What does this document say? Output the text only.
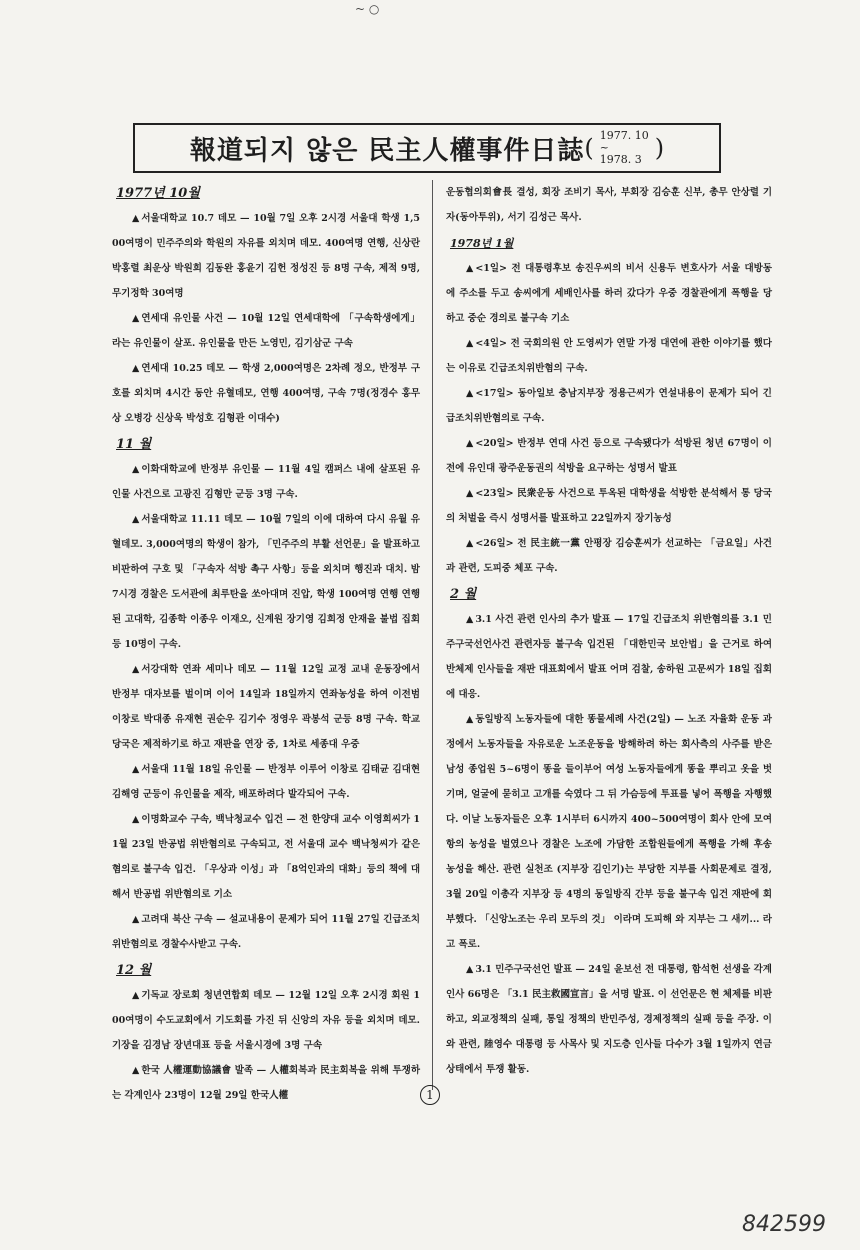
~ ○
報道되지 않은 民主人權事件日誌 ( 1977. 10
~
1978. 3 )
1977년 10월

▲ 서울대학교 10.7 데모 — 10월 7일 오후 2시경 서울대 학생 1,500여명이 민주주의와 학원의 자유를 외치며 데모. 400여명 연행, 신상란 박홍렬 최운상 박원희 김동완 홍윤기 김헌 정성진 등 8명 구속, 제적 9명, 무기정학 30여명

▲ 연세대 유인물 사건 — 10월 12일 연세대학에 「구속학생에게」라는 유인물이 살포. 유인물을 만든 노영민, 김기삼군 구속

▲ 연세대 10.25 데모 — 학생 2,000여명은 2차례 정오, 반정부 구호를 외치며 4시간 동안 유혈데모, 연행 400여명, 구속 7명(정경수 홍무상 오병강 신상욱 박성호 김형관 이대수)

11 월

▲ 이화대학교에 반정부 유인물 — 11월 4일 캠퍼스 내에 살포된 유인물 사건으로 고광진 김형만 군등 3명 구속.

▲ 서울대학교 11.11 데모 — 10월 7일의 이에 대하여 다시 유월 유혈데모. 3,000여명의 학생이 참가, 「민주주의 부활 선언문」을 발표하고 비판하여 구호 및 「구속자 석방 촉구 사항」등을 외치며 행진과 대치. 밤 7시경 경찰은 도서관에 최루탄을 쏘아대며 진압, 학생 100여명 연행 연행된 고대학, 김종학 이종우 이재오, 신계원 장기영 김희정 안재을 불법 집회 등 10명이 구속.

▲ 서강대학 연좌 세미나 데모 — 11월 12일 교정 교내 운동장에서 반정부 대자보를 벌이며 이어 14일과 18일까지 연좌농성을 하여 이전범 이창로 박대종 유재현 권순우 김기수 정영우 곽봉석 군등 8명 구속. 학교당국은 제적하기로 하고 재판을 연장 중, 1차로 세종대 우중

▲ 서울대 11월 18일 유인물 — 반정부 이루어 이창로 김태균 김대현 김해영 군등이 유인물을 제작, 배포하려다 발각되어 구속.

▲ 이명화교수 구속, 백낙청교수 입건 — 전 한양대 교수 이영희씨가 11월 23일 반공법 위반혐의로 구속되고, 전 서울대 교수 백낙청씨가 같은 혐의로 불구속 입건. 「우상과 이성」과 「8억인과의 대화」등의 책에 대해서 반공법 위반혐의로 기소

▲ 고려대 북산 구속 — 설교내용이 문제가 되어 11월 27일 긴급조치위반혐의로 경찰수사받고 구속.

12 월

▲ 기독교 장로회 청년연합회 데모 — 12월 12일 오후 2시경 회원 100여명이 수도교회에서 기도회를 가진 뒤 신앙의 자유 등을 외치며 데모. 기장을 김경남 장년대표 등을 서울시경에 3명 구속

▲ 한국 人權運動協議會 발족 — 人權회복과 民主회복을 위해 투쟁하는 각계인사 23명이 12월 29일 한국人權

운동협의회會長 결성, 회장 조비기 목사, 부회장 김승훈 신부, 총무 안상렬 기자(동아투위), 서기 김성근 목사.

1978년 1월

▲ <1일> 전 대통령후보 송진우씨의 비서 신용두 변호사가 서울 대방동에 주소를 두고 송씨에게 세배인사를 하러 갔다가 우중 경찰관에게 폭행을 당하고 중순 경의로 불구속 기소

▲ <4일> 전 국회의원 안 도영씨가 연말 가정 대연에 관한 이야기를 했다는 이유로 긴급조치위반혐의 구속.

▲ <17일> 동아일보 충남지부장 정용근씨가 연설내용이 문제가 되어 긴급조치위반혐의로 구속.

▲ <20일> 반정부 연대 사건 등으로 구속됐다가 석방된 청년 67명이 이전에 유인대 광주운동권의 석방을 요구하는 성명서 발표

▲ <23일> 民衆운동 사건으로 투옥된 대학생을 석방한 분석해서 통 당국의 처벌을 즉시 성명서를 발표하고 22일까지 장기농성

▲ <26일> 전 民主統一黨 안평장 김승훈씨가 선교하는 「금요일」사건과 관련, 도피중 체포 구속.

2 월

▲ 3.1 사건 관련 인사의 추가 발표 — 17일 긴급조치 위반혐의를 3.1 민주구국선언사건 관련자등 불구속 입건된 「대한민국 보안법」을 근거로 하여 반체제 인사들을 재판 대표회에서 발표 어며 검찰, 송하원 고문씨가 18일 집회에 대응.

▲ 동일방직 노동자들에 대한 똥물세례 사건(2일) — 노조 자율화 운동 과정에서 노동자들을 자유로운 노조운동을 방해하려 하는 회사측의 사주를 받은 남성 종업원 5~6명이 똥을 들이부어 여성 노동자들에게 똥을 뿌리고 옷을 벗기며, 얼굴에 묻히고 고개를 숙였다 그 뒤 가슴등에 투표를 넣어 폭행을 자행했다. 이날 노동자들은 오후 1시부터 6시까지 400~500여명이 회사 안에 모여 항의 농성을 벌였으나 경찰은 노조에 가담한 조합원들에게 폭행을 가해 후송 농성을 해산. 관련 실천조 (지부장 김인기)는 부당한 지부를 사회문제로 결정, 3월 20일 이총각 지부장 등 4명의 동일방직 간부 등을 불구속 입건 재판에 회부했다. 「신앙노조는 우리 모두의 것」 이라며 도피해 와 지부는 그 새끼... 라고 폭로.

▲ 3.1 민주구국선언 발표 — 24일 윤보선 전 대통령, 함석헌 선생을 각계인사 66명은 「3.1 民主救國宣言」을 서명 발표. 이 선언문은 현 체제를 비판하고, 외교정책의 실패, 통일 정책의 반민주성, 경제정책의 실패 등을 주장. 이와 관련, 陸영수 대통령 등 사목사 및 지도층 인사들 다수가 3월 1일까지 연금상태에서 투쟁 활동.

1
842599
